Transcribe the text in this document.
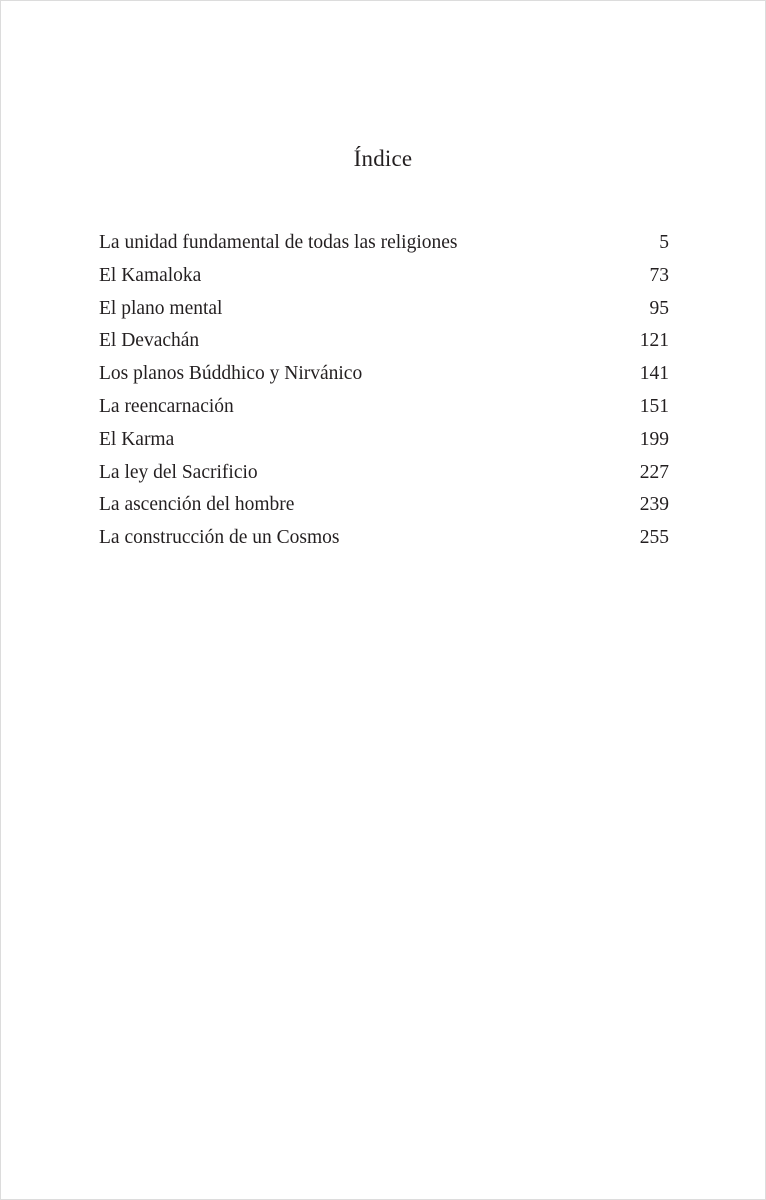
Índice
La unidad fundamental de todas las religiones	5
El Kamaloka	73
El plano mental	95
El Devachán	121
Los planos Búddhico y Nirvánico	141
La reencarnación	151
El Karma	199
La ley del Sacrificio	227
La ascención del hombre	239
La construcción de un Cosmos	255
